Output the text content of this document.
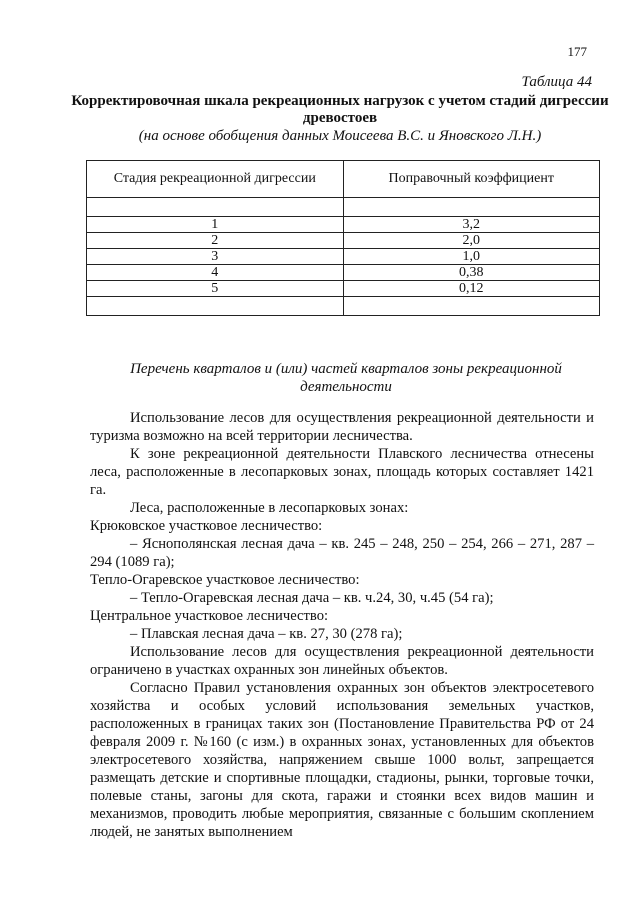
177
Таблица 44
Корректировочная шкала рекреационных нагрузок с учетом стадий дигрессии древостоев
(на основе обобщения данных Моисеева В.С. и Яновского Л.Н.)
Стадия рекреационной дигрессии	Поправочный коэффициент

1	3,2
2	2,0
3	1,0
4	0,38
5	0,12

Перечень кварталов и (или) частей кварталов зоны рекреационной деятельности

Использование лесов для осуществления рекреационной деятельности и туризма возможно на всей территории лесничества.

К зоне рекреационной деятельности Плавского лесничества отнесены леса, расположенные в лесопарковых зонах, площадь которых составляет 1421 га.

Леса, расположенные в лесопарковых зонах:

Крюковское участковое лесничество:

– Яснополянская лесная дача – кв. 245 – 248, 250 – 254, 266 – 271, 287 – 294 (1089 га);

Тепло-Огаревское участковое лесничество:

– Тепло-Огаревская лесная дача – кв. ч.24, 30, ч.45 (54 га);

Центральное участковое лесничество:

– Плавская лесная дача – кв. 27, 30 (278 га);

Использование лесов для осуществления рекреационной деятельности ограничено в участках охранных зон линейных объектов.

Согласно Правил установления охранных зон объектов электросетевого хозяйства и особых условий использования земельных участков, расположенных в границах таких зон (Постановление Правительства РФ от 24 февраля 2009 г. №160 (с изм.) в охранных зонах, установленных для объектов электросетевого хозяйства, напряжением свыше 1000 вольт, запрещается размещать детские и спортивные площадки, стадионы, рынки, торговые точки, полевые станы, загоны для скота, гаражи и стоянки всех видов машин и механизмов, проводить любые мероприятия, связанные с большим скоплением людей, не занятых выполнением
